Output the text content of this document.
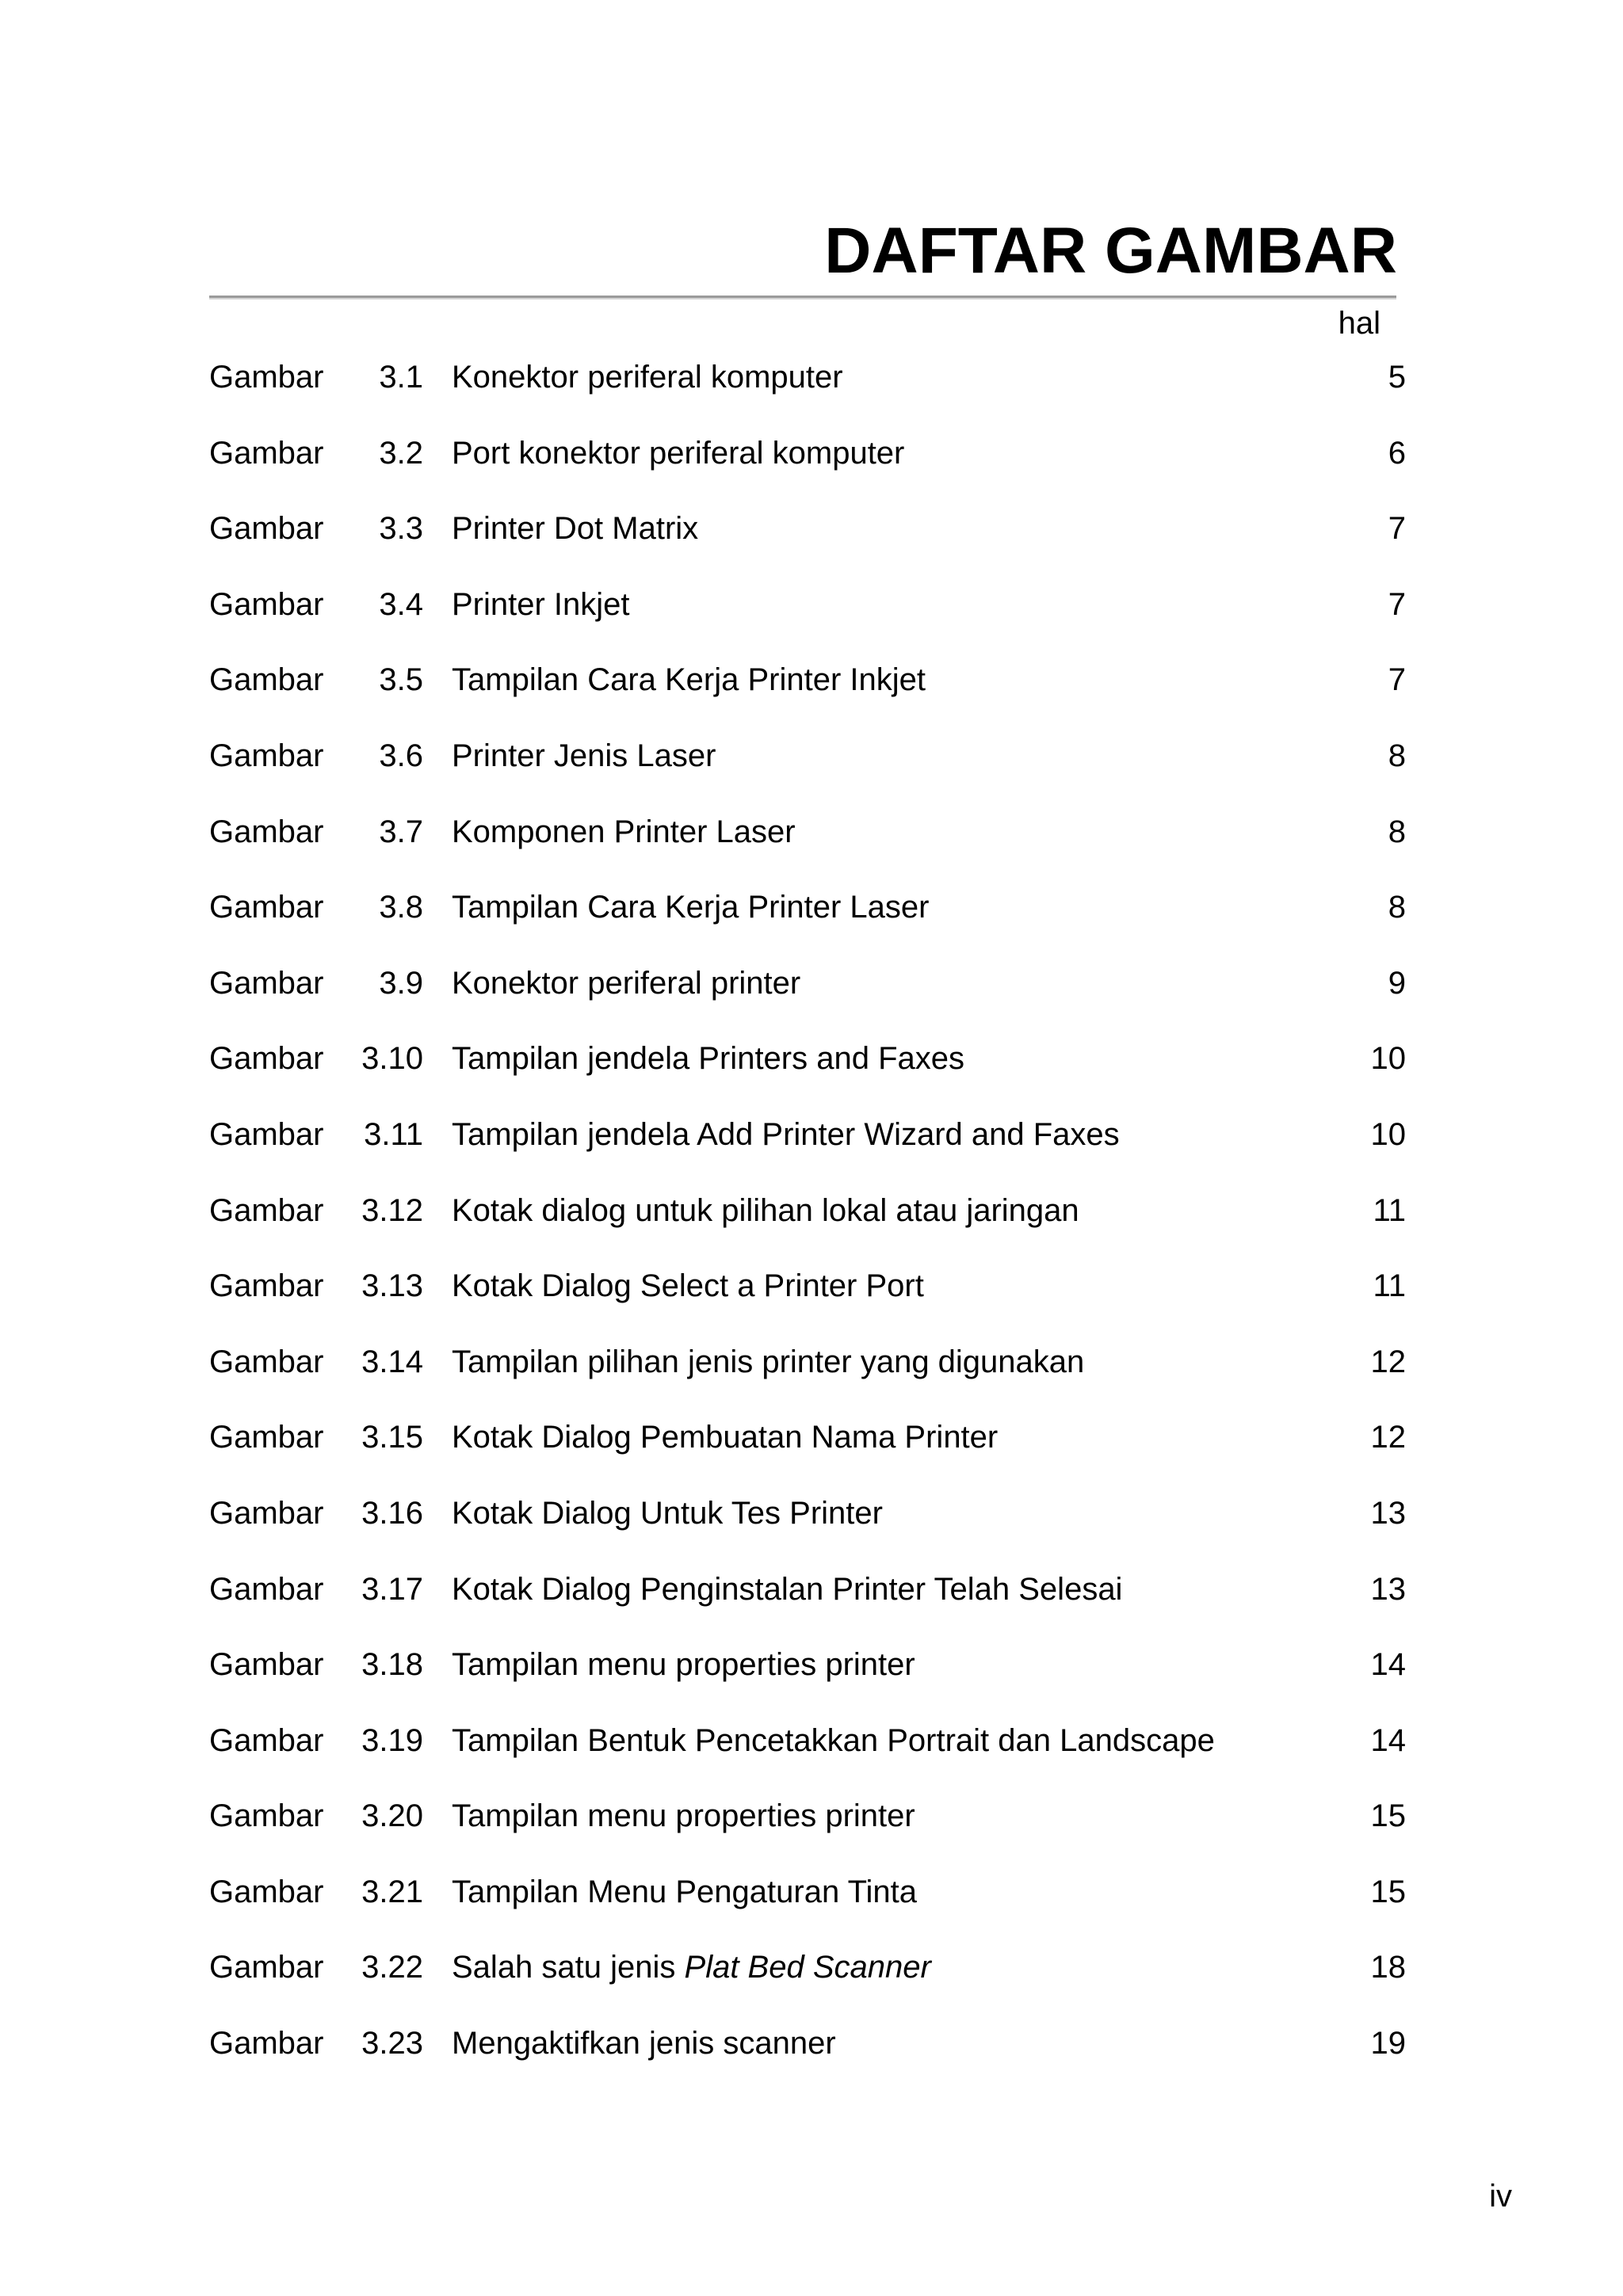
DAFTAR GAMBAR
hal
Gambar	3.1 Konektor periferal komputer	5
Gambar	3.2 Port konektor periferal komputer	6
Gambar	3.3 Printer Dot Matrix	7
Gambar	3.4 Printer Inkjet	7
Gambar	3.5 Tampilan Cara Kerja Printer Inkjet	7
Gambar	3.6 Printer Jenis Laser	8
Gambar	3.7 Komponen Printer Laser	8
Gambar	3.8 Tampilan Cara Kerja Printer Laser	8
Gambar	3.9 Konektor periferal printer	9
Gambar	3.10 Tampilan jendela Printers and Faxes	10
Gambar	3.11 Tampilan jendela Add Printer Wizard and Faxes	10
Gambar	3.12 Kotak dialog untuk pilihan lokal atau jaringan	11
Gambar	3.13 Kotak Dialog Select a Printer Port	11
Gambar	3.14 Tampilan pilihan jenis printer yang digunakan	12
Gambar	3.15 Kotak Dialog Pembuatan Nama Printer	12
Gambar	3.16 Kotak Dialog Untuk Tes Printer	13
Gambar	3.17 Kotak Dialog Penginstalan Printer Telah Selesai	13
Gambar	3.18 Tampilan menu properties printer	14
Gambar	3.19 Tampilan Bentuk Pencetakkan Portrait dan Landscape	14
Gambar	3.20 Tampilan menu properties printer	15
Gambar	3.21 Tampilan Menu Pengaturan Tinta	15
Gambar	3.22 Salah satu jenis Plat Bed Scanner	18
Gambar	3.23 Mengaktifkan jenis scanner	19
iv
